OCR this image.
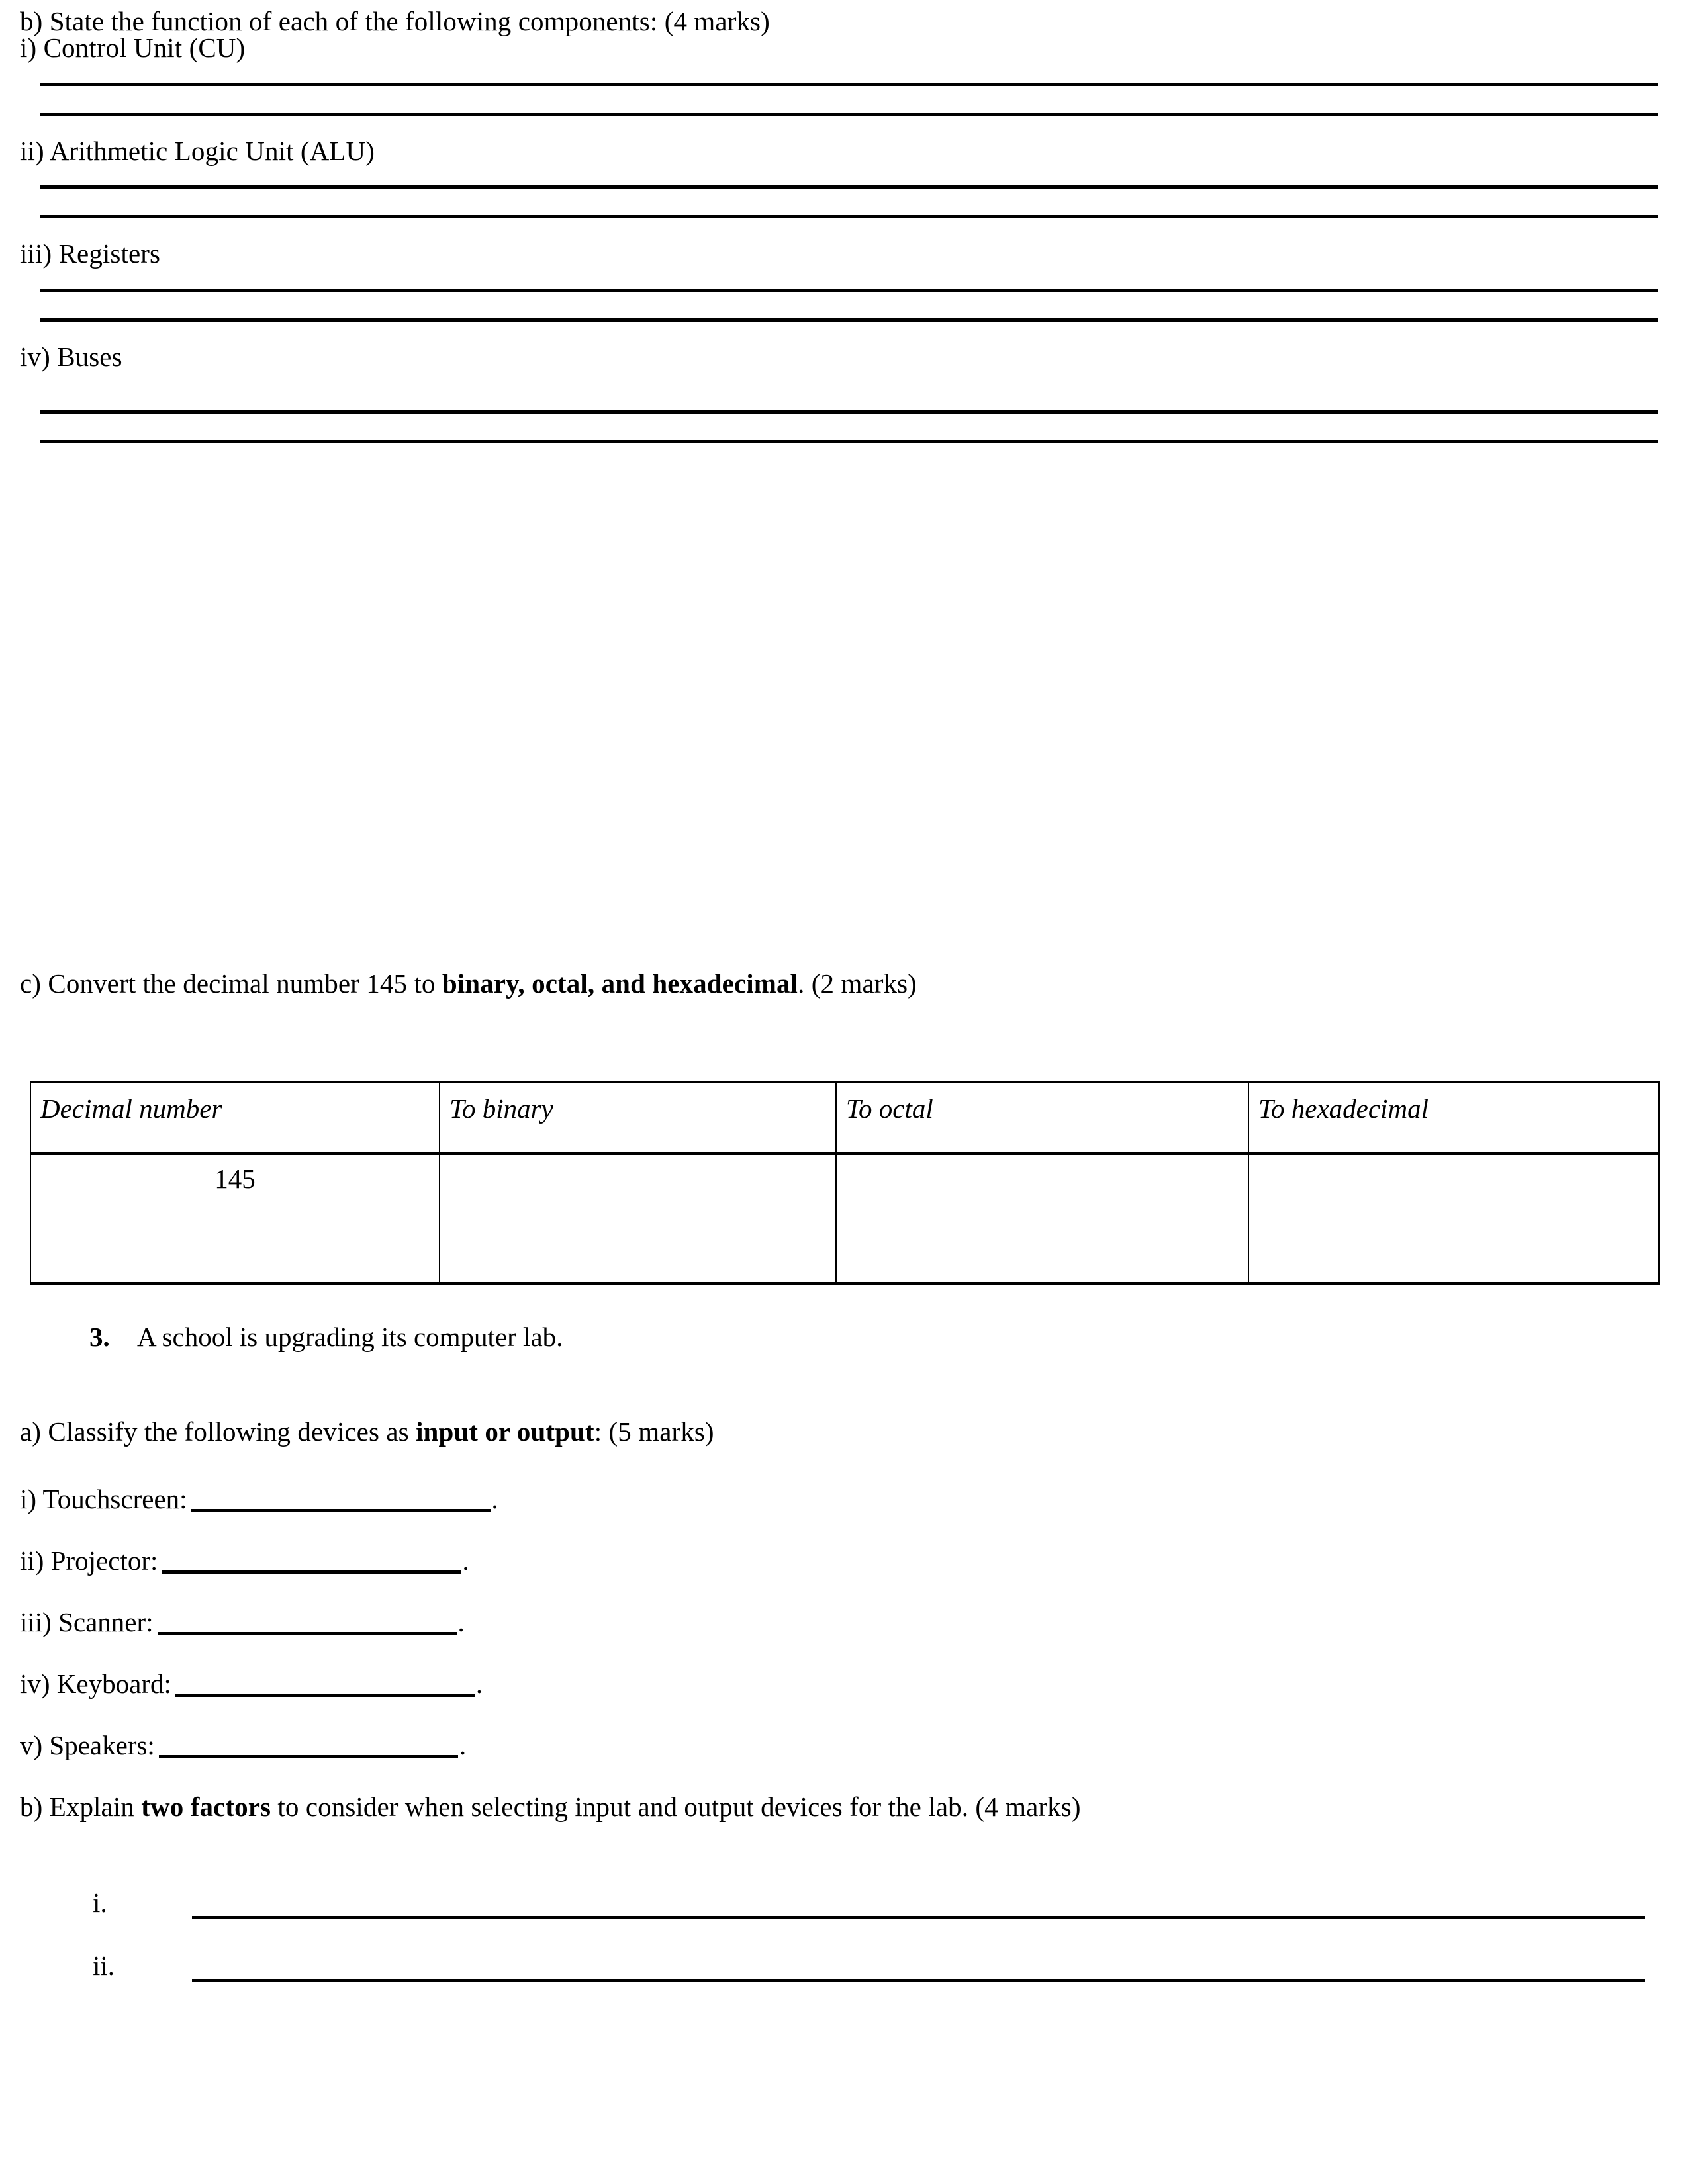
b) State the function of each of the following components: (4 marks)
i) Control Unit (CU)
ii) Arithmetic Logic Unit (ALU)
iii) Registers
iv) Buses
c) Convert the decimal number 145 to binary, octal, and hexadecimal. (2 marks)
Decimal number	To binary	To octal	To hexadecimal
145			
3. A school is upgrading its computer lab.
a) Classify the following devices as input or output: (5 marks)
i) Touchscreen:	.
ii) Projector:	.
iii) Scanner:	.
iv) Keyboard:	.
v) Speakers:	.
b) Explain two factors to consider when selecting input and output devices for the lab. (4 marks)
i.
ii.
